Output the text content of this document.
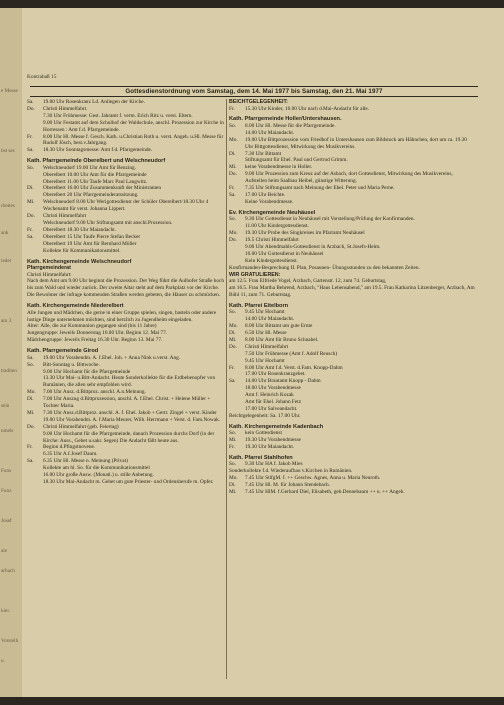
e Messe
bst ses
rbeites
ank
ieder
am 3.
traditen
sein
nmels
Funs
Funz
Josef
ale
arbach
kier.
Vorstelh
u.
Kontrabaß 15
Gottesdienstordnung vom Samstag, dem 14. Mai 1977 bis Samstag, den 21. Mai 1977
Sa.	19.00 Uhr Rosenkranz Ld. Anliegen der Kirche.
Do.	Christi Himmelfahrt.
7.30 Uhr Frühmesse: Gest. Jahramt f. verm. Erich Ritz u. verst. Eltern.
9.00 Uhr Festamt auf dem Schulhof der Waldschule, anschl. Prozession zur Kirche in Horressen : Amt f.d. Pfarrgemeinde.
Fr.	8.00 Uhr Hl. Messe f. Gesch. Kath. u.Christian Roth u. verst. Angeh. u.Hl. Messe für Rudolf Jösch, best.v.Jahrgang.
Sa.	18.30 Uhr Sonntagsmesse: Amt f.d. Pfarrgemeinde.
Kath. Pfarrgemeinde Oberelbert und Welschneudorf
So.	Welschneudorf 19.00 Uhr Amt für Benzing.
Oberelbert 10.00 Uhr Amt für die Pfarrgemeinde
Oberelbert 11.00 Uhr Taufe Marc Paul Langwitz.
Di.	Oberelbert 16.00 Uhr Zusammenkunft der Ministranten
Oberelbert 20 Uhr Pfarrgemeinderatssitzung.
Mi.	Welschneudorf 8.00 Uhr Werigottesdienst der Schüler Oberelbert/18.30 Uhr 4 Wochenamt für verst. Johanna Lippert.
Do.	Christi Himmelfahrt
Welschneudorf 9.00 Uhr Stiftungsamt mit anschl.Prozession.
Fr.	Oberelbert 18.30 Uhr Maiandacht.
Sa.	Oberelbert 15 Uhr Taufe Pierre Stefan Becker
Oberelbert 19 Uhr Amt für Bernhard Müller
Kollekte für Kommunikationsmittel.
Kath. Kirchengemeinde Welschneudorf
Pfarrgemeinderat
Christi Himmelfahrt:
Nach dem Amt um 9.00 Uhr beginnt die Prozession. Der Weg führt die Aulhofer Straße hoch bis zum Wald und wieder zurück. Der zweite Altar steht auf dem Parkplatz vor der Kirche. Die Bewohner der infrage kommenden Straßen werden gebeten, die Häuser zu schmücken.
Kath. Kirchengemeinde Niederelbert
Alle Jungen und Mädchen, die gerne in einer Gruppe spielen, singen, basteln oder andere lustige Dinge unternehmen möchten, sind herzlich zu Jugendheim eingeladen.
Alter: Alle, die zur Kommunion gegangen sind (bis 11 Jahre)
Jungengruppe: Jeweils Donnerstag 16.00 Uhr. Beginn 12. Mai 77.
Mädchengruppe: Jeweils Freitag 16.30 Uhr. Beginn 13. Mai 77.
Kath. Pfarrgemeinde Girod
Sa.	19.00 Uhr Vorabendm. A. f.Ehel. Joh. + Anna Nink u.verst. Ang.
So.	Bitt-Sonntag u. Bittwoche.
9.00 Uhr Hochamt für die Pfarrgemeinde
13.30 Uhr Mai- u.Bitt-Andacht. Heute Sonderkollekte für die Erdbebenopfer von Rumänien, die allen sehr empfohlen wird.
Mo.	7.00 Uhr Ausz. d.Bittproz. anschl. A.n.Meinung.
Di.	7.00 Uhr Auszug d.Bittprozession, anschl. A. f.Ehel. Christ. + Helene Müller + Tochter Maria.
Mi.	7.30 Uhr Ausz.d.Bittproz. anschl. A. f. Ehel. Jakob + Gertr. Zingel + verst. Kinder
19.00 Uhr Vorabendm. A. f.Maria Meurer, Wilh. Herrmann + Verst. d. Fam.Nowak.
Do.	Christi Himmelfahrt (geb. Feiertag)
9.00 Uhr Hochamt für die Pfarrgemeinde, danach Prozession durchs Dorf (in der Kirche: Auss., Gebet u.sakr. Segen) Die Andacht fällt heute aus.
Fr.	Beginn d.Pfingstnovene.
6.35 Uhr A.f.Josef Daum.
Sa.	6.35 Uhr Hl. Messe n. Meinung (Privat)
Kollekte am hl. So. für die Kommunikationsmittel
16.00 Uhr große Ausw. (Monatl.) u. stille Anbetung.
18.30 Uhr Mai-Andacht m. Gebet um gute Priester- und Ordensberufe m. Opfer.
BEICHTGELEGENHEIT:
Fr.	15.30 Uhr Kinder, 16.00 Uhr nach d.Mai-Andacht für alle.
Kath. Pfarrgemeinde Holler/Untershausen.
So.	8.00 Uhr Hl. Messe für die Pfarrgemeinde.
14.00 Uhr Maiandacht.
Mo.	19.00 Uhr Bittprozession vom Friedhof in Untershausen zum Bildstock am Hähnchen, dort um ca. 19.30 Uhr Bittgottesdienst, Mitwirkung des Musikvereins.
Di.	7.30 Uhr Bittamt
Stiftungsamt für Ehel. Paul und Gertrud Grimm.
Mi.	keine Vorabendmesse in Holler.
Do.	9.00 Uhr Prozession zum Kreuz auf der Asbach, dort Gottesdienst, Mitwirkung des Musikvereins, Aufstellen beim Saalbau Heibel, günstige Witterung.
Fr.	7.35 Uhr Stiftungsamt nach Meinung der Ehel. Peter und Maria Perne.
Sa.	17.00 Uhr Beichte.
Keine Vorabendmesse.
Ev. Kirchengemeinde Neuhäusel
So.	9.30 Uhr Gottesdienst in Neuhäusel mit Vorstellung/Prüfung der Konfirmanden.
11.00 Uhr Kindergottesdienst.
Mo.	19.30 Uhr Probe des Singkreises im Pfarramt Neuhäusel
Do.	19.5 Christi Himmelfahrt
9.00 Uhr Abendmahls-Gottesdienst in Arzbach, St.Josefs-Heim.
10.00 Uhr Gottesdienst in Neuhäusel
Kein Kindergottesdienst.
Konfirmanden-Besprechung II. Plan, Posaunen- Übungsstunden zu den bekannten Zeiten.
WIR GRATULIEREN:
am 12.5. Frau Elfriede Vogel, Arzbach, Gartenstr. 12, zum 74. Geburtstag,
am 16.5. Frau Martha Behrend, Arzbach, "Haus Lebensabend," am 19.5. Frau Katharina Litzenberger, Arzbach, Am Bühl 11, zum 71. Geburtstag.
Kath. Pfarrei Eitelborn
So.	9.45 Uhr Hochamt
14.00 Uhr Maiandacht.
Mo.	8.00 Uhr Bittamt um gute Ernte
Di.	6.50 Uhr Hl. Messe
Mi.	8.00 Uhr Amt für Bruno Schnabel.
Do.	Christi Himmelfahrt
7.50 Uhr Frühmesse (Amt f. Adolf Reusch)
9.45 Uhr Hochamt
Fr.	8.00 Uhr Amt f.d. Verst. d.Fam. Knopp-Dahm
17.00 Uhr Rosenkranzgebet.
Sa.	14.00 Uhr Brautamt Knopp - Dahm
18.00 Uhr Vorabendmesse
Amt f. Heinrich Kozak
Amt für Ehel. Johann Fetz
17.00 Uhr Salveandacht.
Beichtgelegenheit: Sa. 17.00 Uhr.
Kath. Kirchengemeinde Kadenbach
So.	kein Gottesdienst
Mi.	19.30 Uhr Vorabendmesse
Fr.	19.30 Uhr Maiandacht.
Kath. Pfarrei Stahlhofen
So.	9.30 Uhr HA f. Jakob Mies
Sonderkollekte f.d. Wiederaufbau v.Kirchen in Rumänien.
Mo.	7.45 Uhr StifgM. f. ++ Geschw. Agnes, Anna u. Maria Neuroth.
Di.	7.45 Uhr Hl. M. für Johann Stendebach.
Mi.	7.45 Uhr HlM. f.Gerhard Diel, Elisabeth, geb.Dennebaum ++ u. ++ Angeh.
